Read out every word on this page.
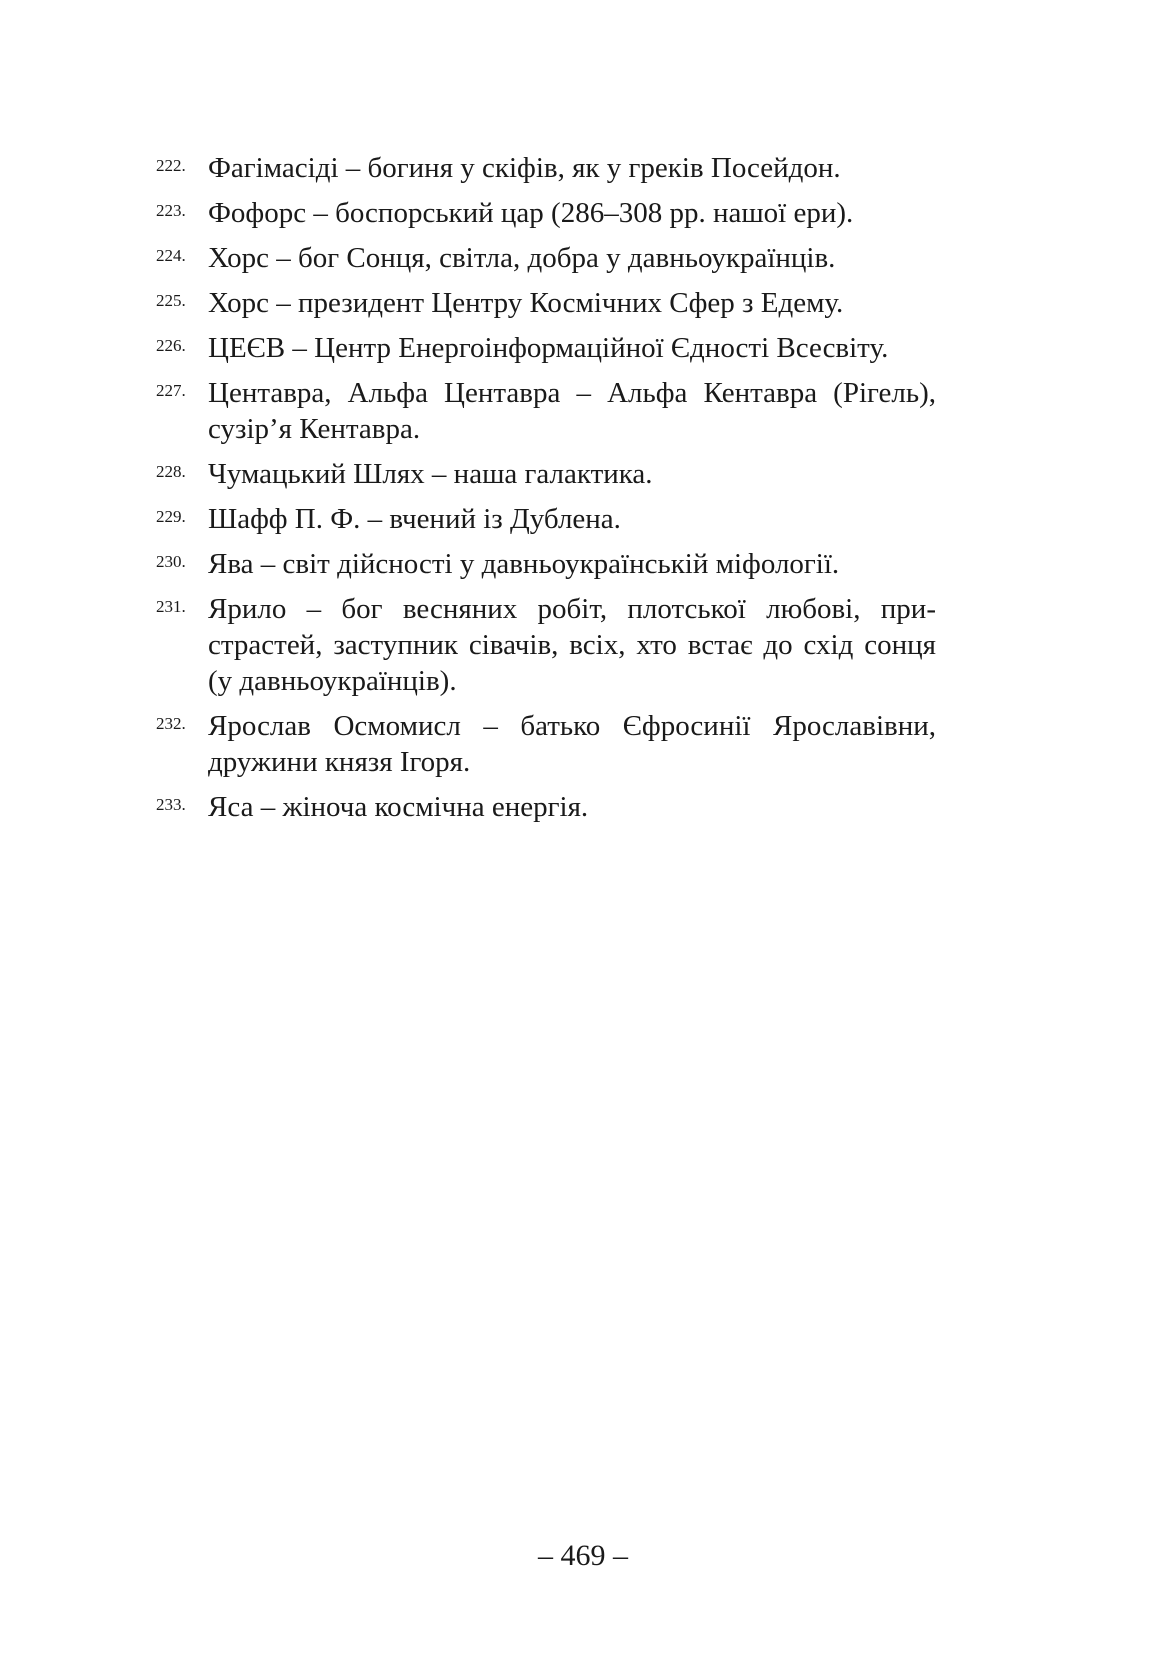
222 . Фагімасіді – богиня у скіфів, як у греків Посейдон.
223 . Фофорс – боспорський цар (286–308 рр. нашої ери).
224 . Хорс – бог Сонця, світла, добра у давньоукраїнців.
225 . Хорс – президент Центру Космічних Сфер з Едему.
226 . ЦЕЄВ – Центр Енергоінформаційної Єдності Всесвіту.
227 . Центавра, Альфа Центавра – Альфа Кентавра (Рігель), сузір’я Кентавра.
228 . Чумацький Шлях – наша галактика.
229 . Шафф П. Ф. – вчений із Дублена.
230 . Ява – світ дійсності у давньоукраїнській міфології.
231 . Ярило – бог весняних робіт, плотської любові, пристрастей, заступник сівачів, всіх, хто встає до схід сонця (у давньоукраїнців).
232 . Ярослав Осмомисл – батько Єфросинії Ярославівни, дружини князя Ігоря.
233 . Яса – жіноча космічна енергія.
– 469 –
